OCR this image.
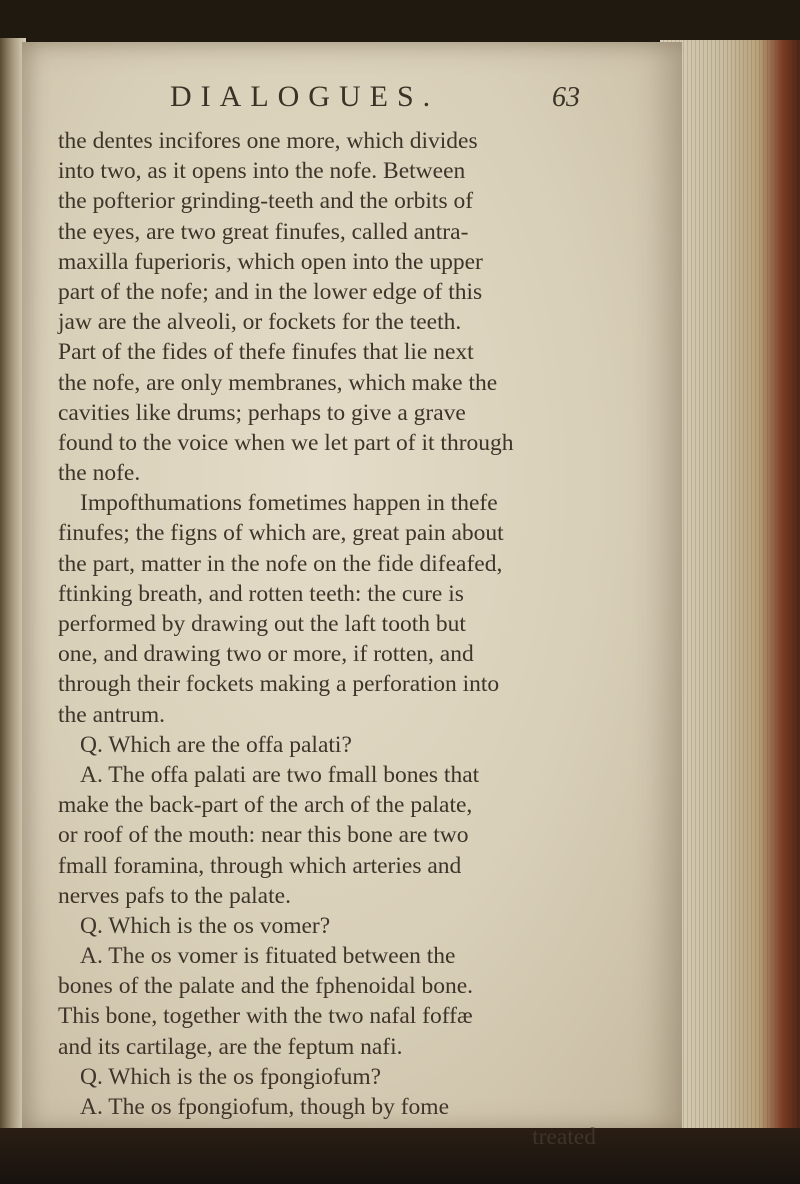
DIALOGUES.	63
the dentes incifores one more, which divides
into two, as it opens into the nofe. Between
the pofterior grinding-teeth and the orbits of
the eyes, are two great finufes, called antra-
maxilla fuperioris, which open into the upper
part of the nofe; and in the lower edge of this
jaw are the alveoli, or fockets for the teeth.
Part of the fides of thefe finufes that lie next
the nofe, are only membranes, which make the
cavities like drums; perhaps to give a grave
found to the voice when we let part of it through
the nofe.
Impofthumations fometimes happen in thefe
finufes; the figns of which are, great pain about
the part, matter in the nofe on the fide difeafed,
ftinking breath, and rotten teeth: the cure is
performed by drawing out the laft tooth but
one, and drawing two or more, if rotten, and
through their fockets making a perforation into
the antrum.
Q. Which are the offa palati?
A. The offa palati are two fmall bones that
make the back-part of the arch of the palate,
or roof of the mouth: near this bone are two
fmall foramina, through which arteries and
nerves pafs to the palate.
Q. Which is the os vomer?
A. The os vomer is fituated between the
bones of the palate and the fphenoidal bone.
This bone, together with the two nafal foffæ
and its cartilage, are the feptum nafi.
Q. Which is the os fpongiofum?
A. The os fpongiofum, though by fome
treated
